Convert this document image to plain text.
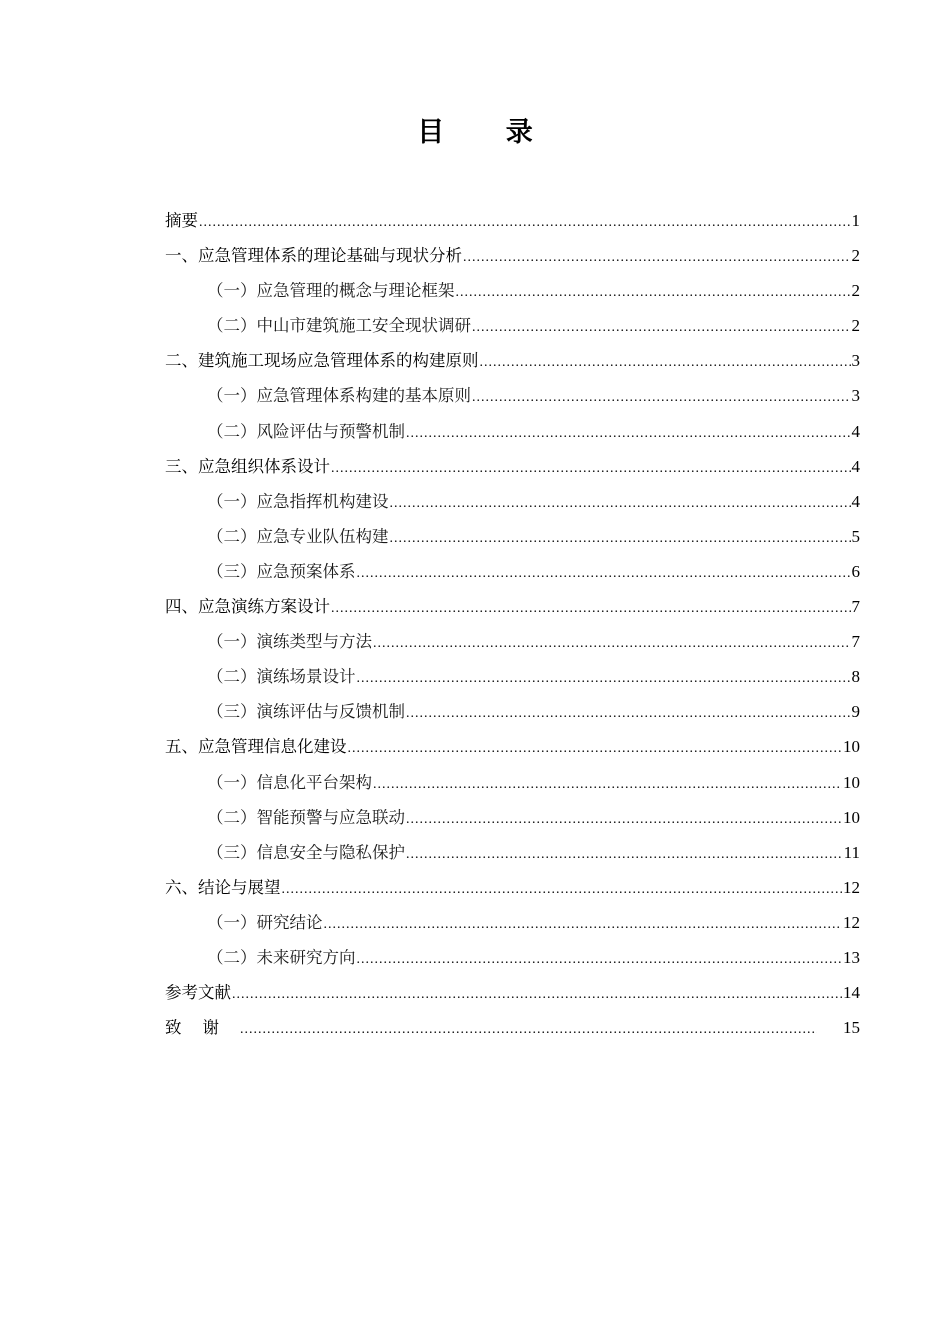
目 录
摘要 .....	1
一、应急管理体系的理论基础与现状分析 .....	2
（一）应急管理的概念与理论框架 .....	2
（二）中山市建筑施工安全现状调研 .....	2
二、建筑施工现场应急管理体系的构建原则 .....	3
（一）应急管理体系构建的基本原则 .....	3
（二）风险评估与预警机制 .....	4
三、应急组织体系设计 .....	4
（一）应急指挥机构建设 .....	4
（二）应急专业队伍构建 .....	5
（三）应急预案体系 .....	6
四、应急演练方案设计 .....	7
（一）演练类型与方法 .....	7
（二）演练场景设计 .....	8
（三）演练评估与反馈机制 .....	9
五、应急管理信息化建设 .....	10
（一）信息化平台架构 .....	10
（二）智能预警与应急联动 .....	10
（三）信息安全与隐私保护 .....	11
六、结论与展望 .....	12
（一）研究结论 .....	12
（二）未来研究方向 .....	13
参考文献 .....	14
致谢 .....	15
